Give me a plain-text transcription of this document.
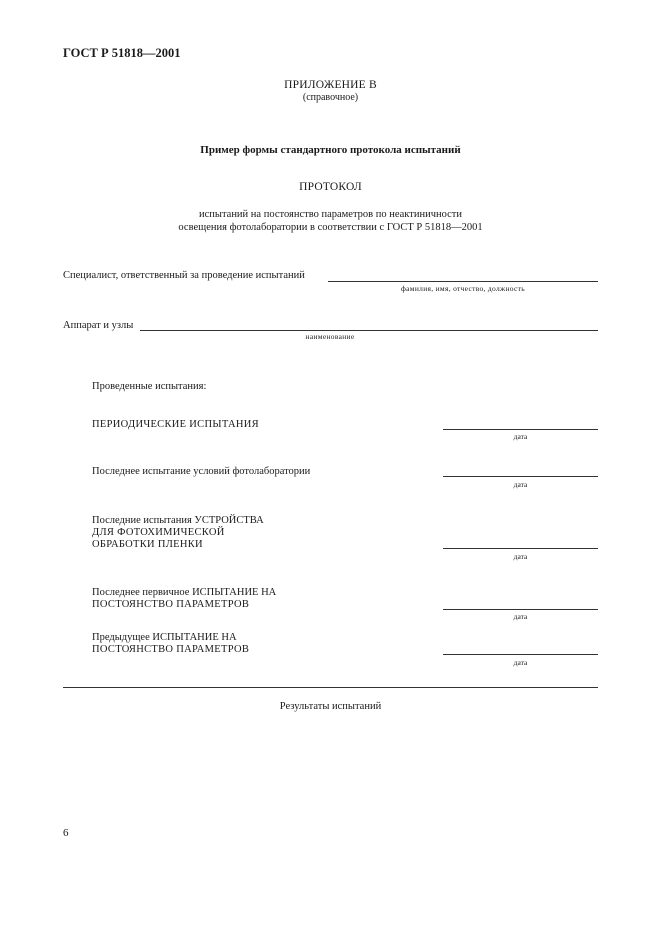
ГОСТ Р 51818—2001
ПРИЛОЖЕНИЕ В
(справочное)
Пример формы стандартного протокола испытаний
ПРОТОКОЛ
испытаний на постоянство параметров по неактиничности
освещения фотолаборатории в соответствии с ГОСТ Р 51818—2001
Специалист, ответственный за проведение испытаний
фамилия, имя, отчество, должность
Аппарат и узлы
наименование
Проведенные испытания:
ПЕРИОДИЧЕСКИЕ ИСПЫТАНИЯ
дата
Последнее испытание условий фотолаборатории
дата
Последние испытания УСТРОЙСТВА
ДЛЯ ФОТОХИМИЧЕСКОЙ
ОБРАБОТКИ ПЛЕНКИ
дата
Последнее первичное ИСПЫТАНИЕ НА
ПОСТОЯНСТВО ПАРАМЕТРОВ
дата
Предыдущее ИСПЫТАНИЕ НА
ПОСТОЯНСТВО ПАРАМЕТРОВ
дата
Результаты испытаний
6
